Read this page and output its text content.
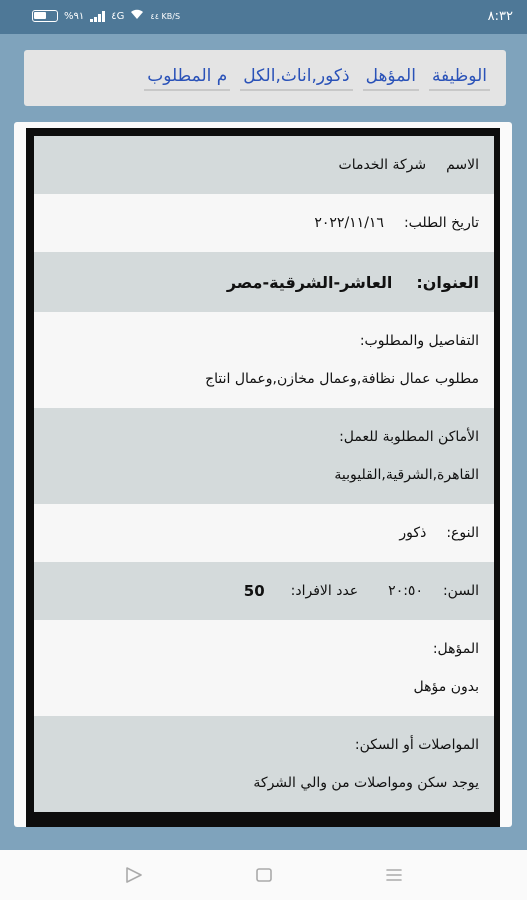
%٩١	٤G	٤٤ KB/S	٨:٣٢
الوظيفة
المؤهل
ذكور,اناث,الكل
م المطلوب
الاسم
شركة الخدمات
تاريخ الطلب:
٢٠٢٢/١١/١٦
العنوان:
العاشر-الشرقية-مصر
التفاصيل والمطلوب:
مطلوب عمال نظافة,وعمال مخازن,وعمال انتاج
الأماكن المطلوبة للعمل:
القاهرة,الشرقية,القليوبية
النوع:
ذكور
السن:
٢٠:٥٠
عدد الافراد:
50
المؤهل:
بدون مؤهل
المواصلات أو السكن:
يوجد سكن ومواصلات من والي الشركة
